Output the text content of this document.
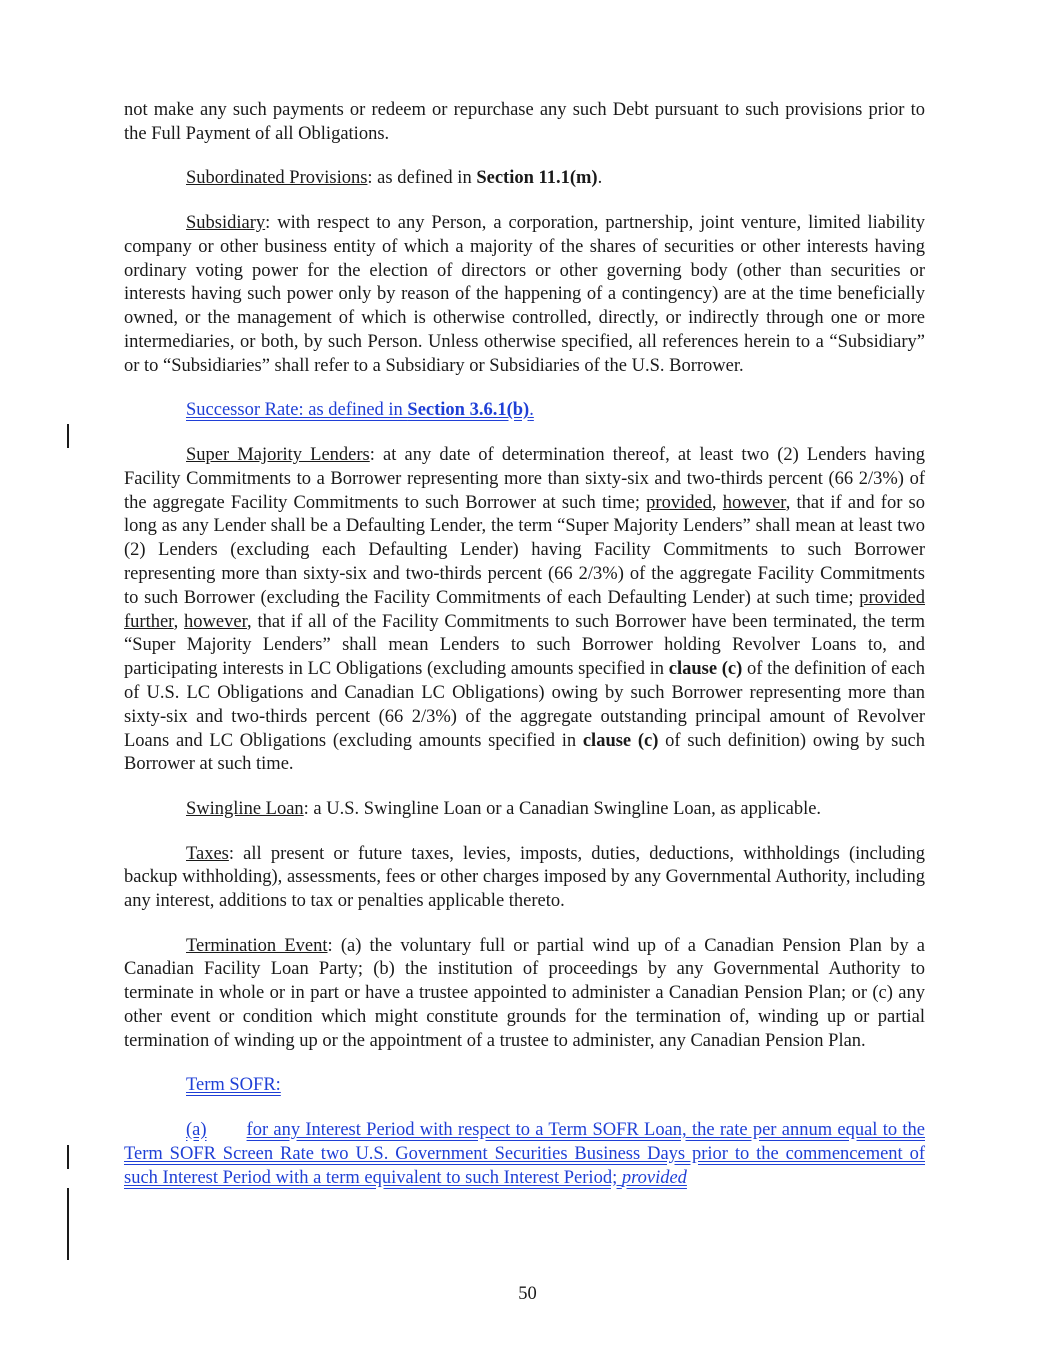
not make any such payments or redeem or repurchase any such Debt pursuant to such provisions prior to the Full Payment of all Obligations.

Subordinated Provisions: as defined in Section 11.1(m).

Subsidiary: with respect to any Person, a corporation, partnership, joint venture, limited liability company or other business entity of which a majority of the shares of securities or other interests having ordinary voting power for the election of directors or other governing body (other than securities or interests having such power only by reason of the happening of a contingency) are at the time beneficially owned, or the management of which is otherwise controlled, directly, or indirectly through one or more intermediaries, or both, by such Person. Unless otherwise specified, all references herein to a “Subsidiary” or to “Subsidiaries” shall refer to a Subsidiary or Subsidiaries of the U.S. Borrower.

Successor Rate: as defined in Section 3.6.1(b).

Super Majority Lenders: at any date of determination thereof, at least two (2) Lenders having Facility Commitments to a Borrower representing more than sixty-six and two-thirds percent (66 2/3%) of the aggregate Facility Commitments to such Borrower at such time; provided, however, that if and for so long as any Lender shall be a Defaulting Lender, the term “Super Majority Lenders” shall mean at least two (2) Lenders (excluding each Defaulting Lender) having Facility Commitments to such Borrower representing more than sixty-six and two-thirds percent (66 2/3%) of the aggregate Facility Commitments to such Borrower (excluding the Facility Commitments of each Defaulting Lender) at such time; provided further, however, that if all of the Facility Commitments to such Borrower have been terminated, the term “Super Majority Lenders” shall mean Lenders to such Borrower holding Revolver Loans to, and participating interests in LC Obligations (excluding amounts specified in clause (c) of the definition of each of U.S. LC Obligations and Canadian LC Obligations) owing by such Borrower representing more than sixty-six and two-thirds percent (66 2/3%) of the aggregate outstanding principal amount of Revolver Loans and LC Obligations (excluding amounts specified in clause (c) of such definition) owing by such Borrower at such time.

Swingline Loan: a U.S. Swingline Loan or a Canadian Swingline Loan, as applicable.

Taxes: all present or future taxes, levies, imposts, duties, deductions, withholdings (including backup withholding), assessments, fees or other charges imposed by any Governmental Authority, including any interest, additions to tax or penalties applicable thereto.

Termination Event: (a) the voluntary full or partial wind up of a Canadian Pension Plan by a Canadian Facility Loan Party; (b) the institution of proceedings by any Governmental Authority to terminate in whole or in part or have a trustee appointed to administer a Canadian Pension Plan; or (c) any other event or condition which might constitute grounds for the termination of, winding up or partial termination of winding up or the appointment of a trustee to administer, any Canadian Pension Plan.

Term SOFR:

(a) for any Interest Period with respect to a Term SOFR Loan, the rate per annum equal to the Term SOFR Screen Rate two U.S. Government Securities Business Days prior to the commencement of such Interest Period with a term equivalent to such Interest Period; provided

50
